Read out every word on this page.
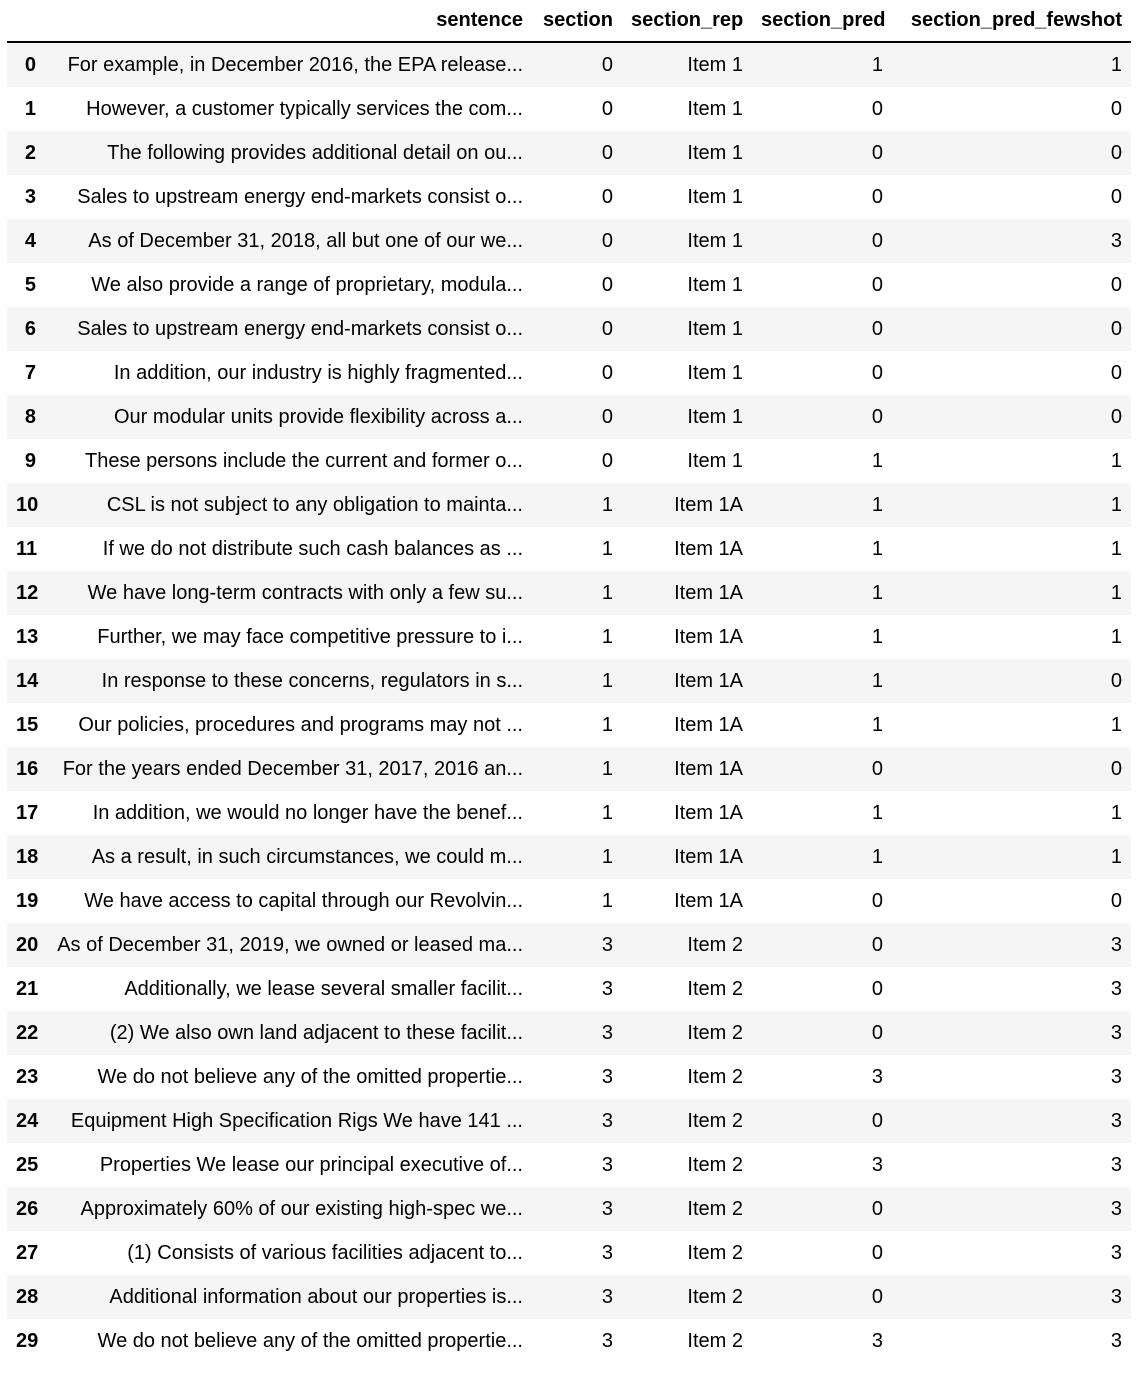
	sentence	section	section_rep	section_pred	section_pred_fewshot
0	For example, in December 2016, the EPA release...	0	Item 1	1	1
1	However, a customer typically services the com...	0	Item 1	0	0
2	The following provides additional detail on ou...	0	Item 1	0	0
3	Sales to upstream energy end-markets consist o...	0	Item 1	0	0
4	As of December 31, 2018, all but one of our we...	0	Item 1	0	3
5	We also provide a range of proprietary, modula...	0	Item 1	0	0
6	Sales to upstream energy end-markets consist o...	0	Item 1	0	0
7	In addition, our industry is highly fragmented...	0	Item 1	0	0
8	Our modular units provide flexibility across a...	0	Item 1	0	0
9	These persons include the current and former o...	0	Item 1	1	1
10	CSL is not subject to any obligation to mainta...	1	Item 1A	1	1
11	If we do not distribute such cash balances as ...	1	Item 1A	1	1
12	We have long-term contracts with only a few su...	1	Item 1A	1	1
13	Further, we may face competitive pressure to i...	1	Item 1A	1	1
14	In response to these concerns, regulators in s...	1	Item 1A	1	0
15	Our policies, procedures and programs may not ...	1	Item 1A	1	1
16	For the years ended December 31, 2017, 2016 an...	1	Item 1A	0	0
17	In addition, we would no longer have the benef...	1	Item 1A	1	1
18	As a result, in such circumstances, we could m...	1	Item 1A	1	1
19	We have access to capital through our Revolvin...	1	Item 1A	0	0
20	As of December 31, 2019, we owned or leased ma...	3	Item 2	0	3
21	Additionally, we lease several smaller facilit...	3	Item 2	0	3
22	(2) We also own land adjacent to these facilit...	3	Item 2	0	3
23	We do not believe any of the omitted propertie...	3	Item 2	3	3
24	Equipment High Specification Rigs We have 141 ...	3	Item 2	0	3
25	Properties We lease our principal executive of...	3	Item 2	3	3
26	Approximately 60% of our existing high-spec we...	3	Item 2	0	3
27	(1) Consists of various facilities adjacent to...	3	Item 2	0	3
28	Additional information about our properties is...	3	Item 2	0	3
29	We do not believe any of the omitted propertie...	3	Item 2	3	3
